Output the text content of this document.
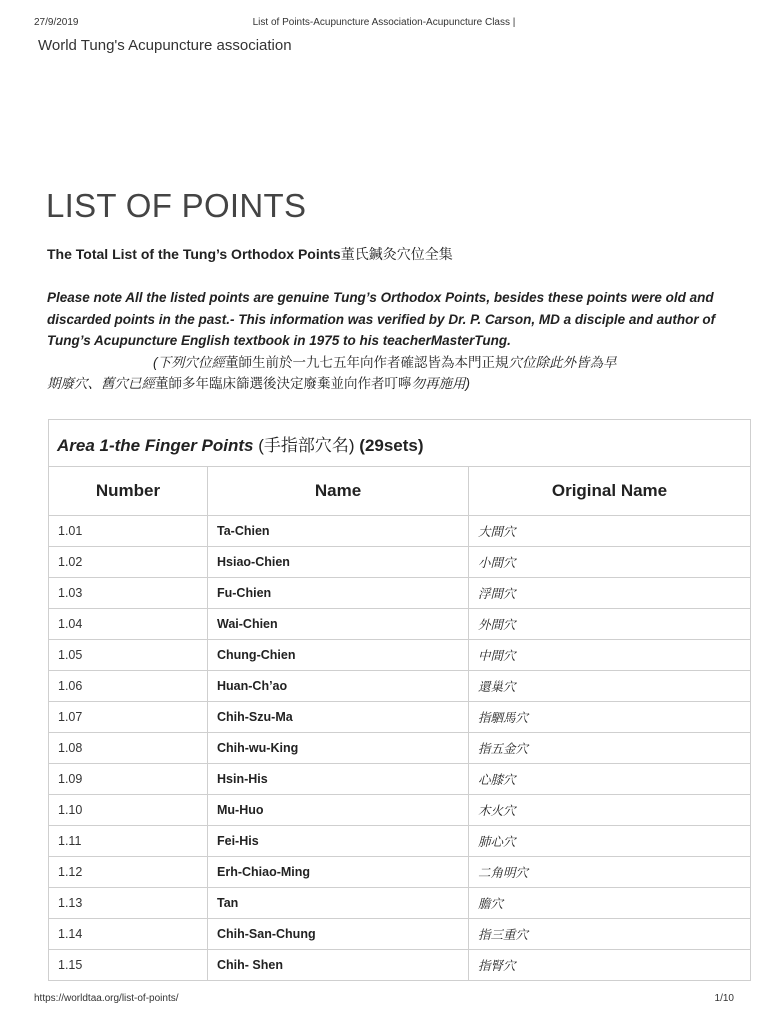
27/9/2019	List of Points-Acupuncture Association-Acupuncture Class |
World Tung's Acupuncture association
LIST OF POINTS
The Total List of the Tung’s Orthodox Points董氏鍼灸穴位全集
Please note All the listed points are genuine Tung’s Orthodox Points, besides these points were old and discarded points in the past.- This information was verified by Dr. P. Carson, MD a disciple and author of Tung’s Acupuncture English textbook in 1975 to his teacherMasterTung.
(下列穴位經董師生前於一九七五年向作者確認皆為本門正規穴位除此外皆為早
期廢穴、舊穴已經董師多年臨床篩選後決定廢棄並向作者叮嚀勿再施用)
Area 1-the Finger Points (手指部穴名) (29sets)		
Number	Name	Original Name
1.01	Ta-Chien	大間穴
1.02	Hsiao-Chien	小間穴
1.03	Fu-Chien	浮間穴
1.04	Wai-Chien	外間穴
1.05	Chung-Chien	中間穴
1.06	Huan-Ch’ao	還巢穴
1.07	Chih-Szu-Ma	指駟馬穴
1.08	Chih-wu-King	指五金穴
1.09	Hsin-His	心膝穴
1.10	Mu-Huo	木火穴
1.11	Fei-His	肺心穴
1.12	Erh-Chiao-Ming	二角明穴
1.13	Tan	膽穴
1.14	Chih-San-Chung	指三重穴
1.15	Chih- Shen	指腎穴
https://worldtaa.org/list-of-points/	1/10
